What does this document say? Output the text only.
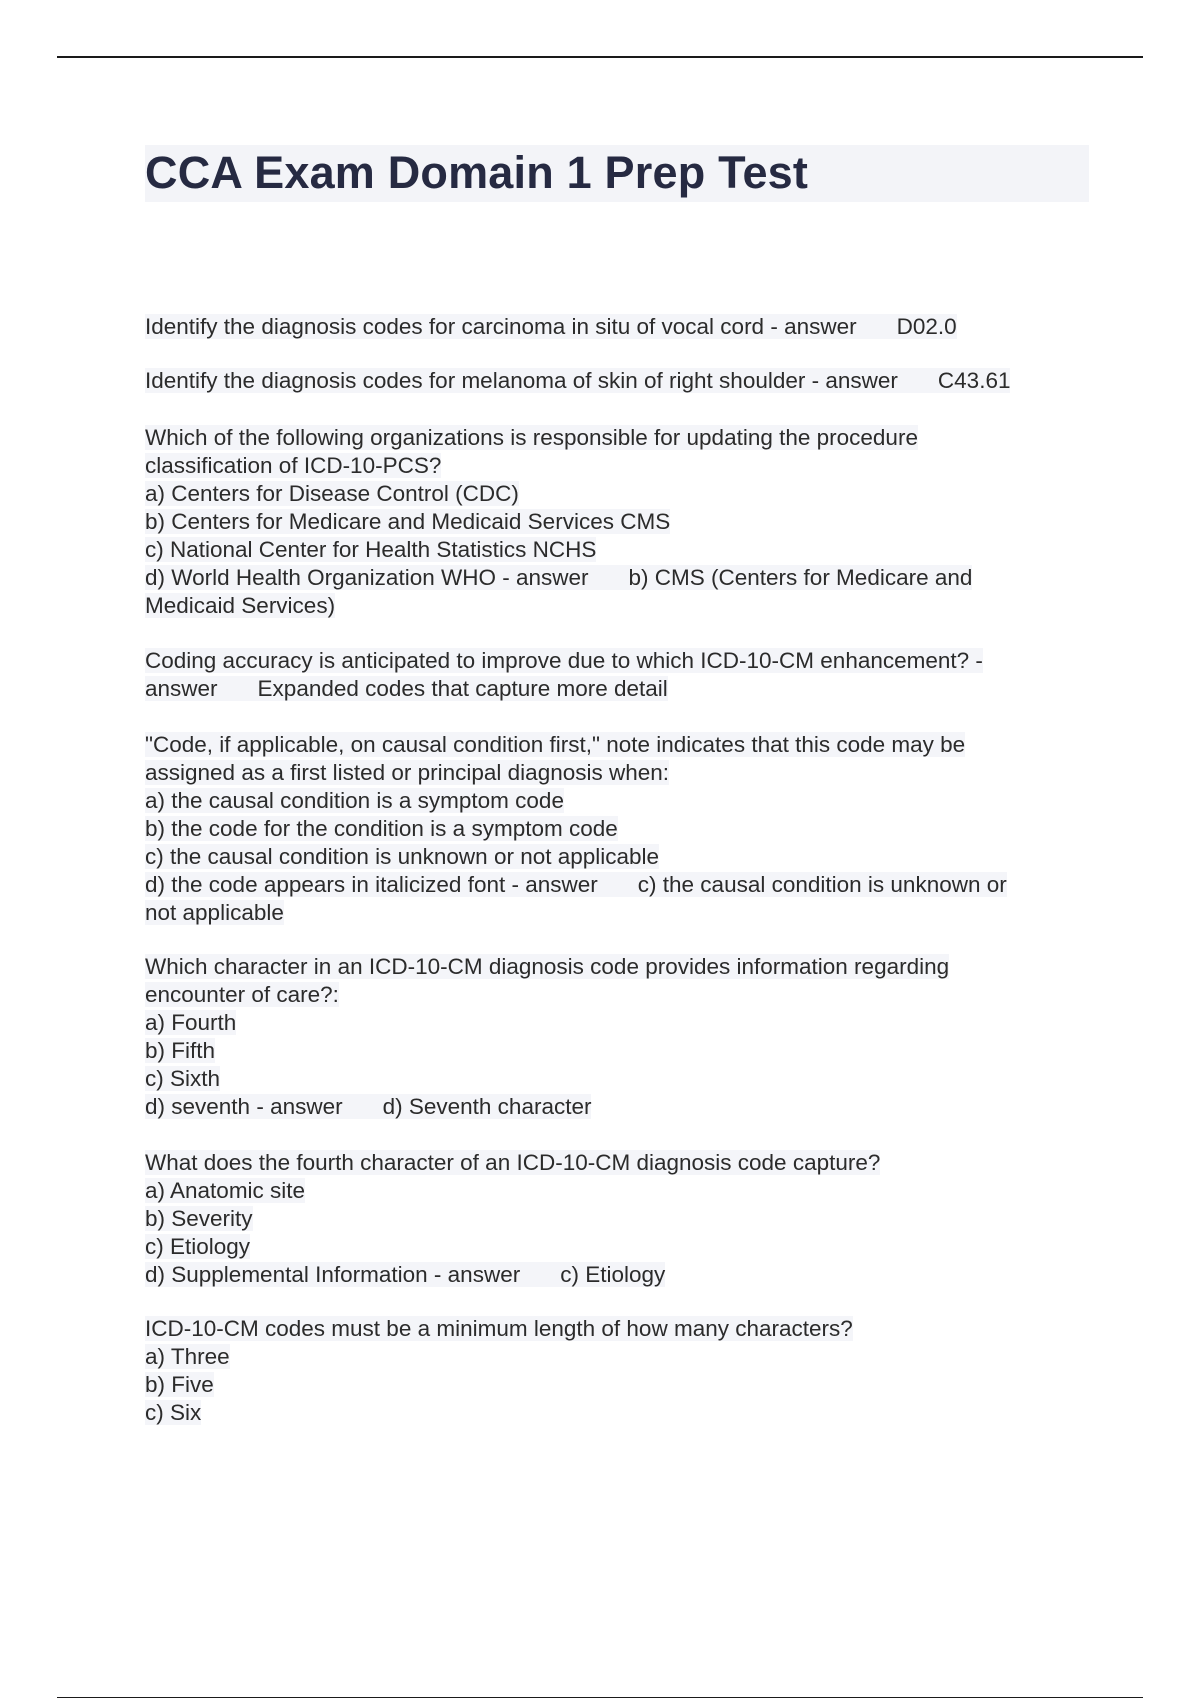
CCA Exam Domain 1 Prep Test
Identify the diagnosis codes for carcinoma in situ of vocal cord - answer D02.0
Identify the diagnosis codes for melanoma of skin of right shoulder - answer C43.61
Which of the following organizations is responsible for updating the procedure
classification of ICD-10-PCS?
a) Centers for Disease Control (CDC)
b) Centers for Medicare and Medicaid Services CMS
c) National Center for Health Statistics NCHS
d) World Health Organization WHO - answer b) CMS (Centers for Medicare and
Medicaid Services)
Coding accuracy is anticipated to improve due to which ICD-10-CM enhancement? -
answer Expanded codes that capture more detail
"Code, if applicable, on causal condition first," note indicates that this code may be
assigned as a first listed or principal diagnosis when:
a) the causal condition is a symptom code
b) the code for the condition is a symptom code
c) the causal condition is unknown or not applicable
d) the code appears in italicized font - answer c) the causal condition is unknown or
not applicable
Which character in an ICD-10-CM diagnosis code provides information regarding
encounter of care?:
a) Fourth
b) Fifth
c) Sixth
d) seventh - answer d) Seventh character
What does the fourth character of an ICD-10-CM diagnosis code capture?
a) Anatomic site
b) Severity
c) Etiology
d) Supplemental Information - answer c) Etiology
ICD-10-CM codes must be a minimum length of how many characters?
a) Three
b) Five
c) Six
